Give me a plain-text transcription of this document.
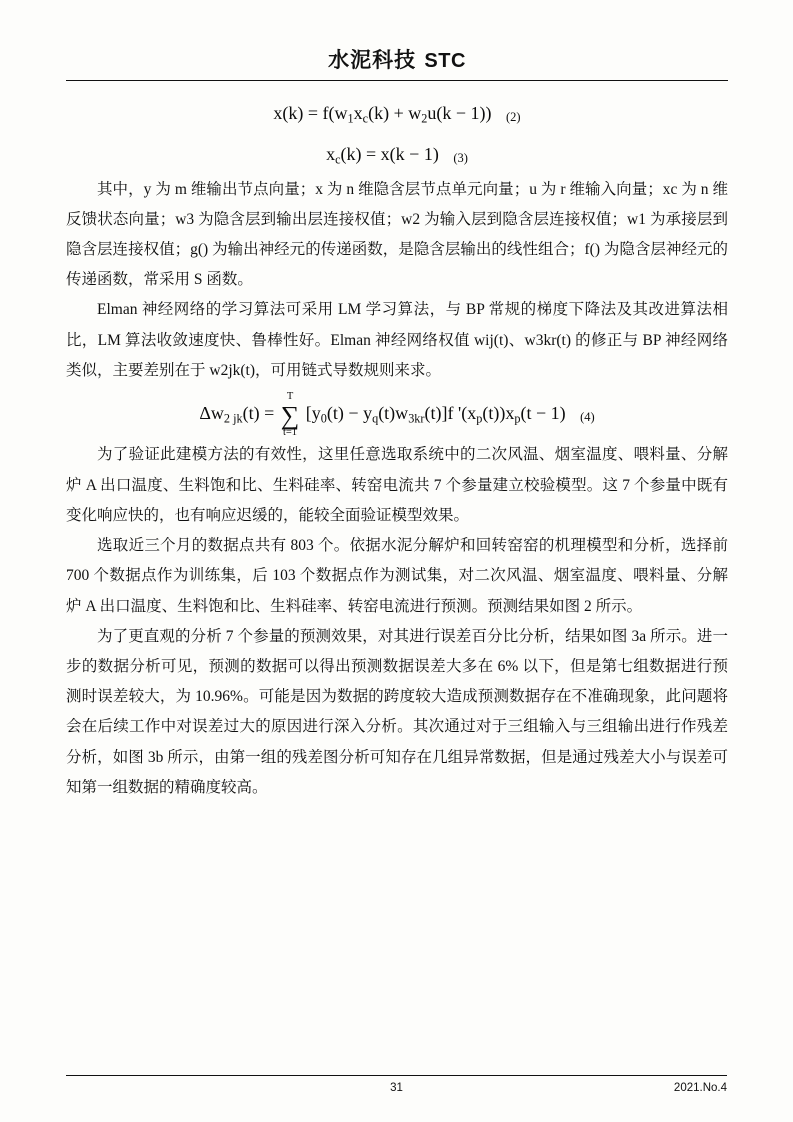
水泥科技 STC
$x(k) = f(w_1x_c(k) + w_2u(k - 1))$ (2)
$x_c(k) = x(k - 1)$ (3)

其中，y 为 m 维输出节点向量；x 为 n 维隐含层节点单元向量；u 为 r 维输入向量；xc 为 n 维反馈状态向量；w3 为隐含层到输出层连接权值；w2 为输入层到隐含层连接权值；w1 为承接层到隐含层连接权值；g() 为输出神经元的传递函数，是隐含层输出的线性组合；f() 为隐含层神经元的传递函数，常采用 S 函数。

Elman 神经网络的学习算法可采用 LM 学习算法，与 BP 常规的梯度下降法及其改进算法相比，LM 算法收敛速度快、鲁棒性好。Elman 神经网络权值 wij(t)、w3kr(t) 的修正与 BP 神经网络类似，主要差别在于 w2jk(t)，可用链式导数规则来求。

$\Delta w_{2 jk}(t)$ =
T
∑
t=1
$[y_0(t) - y_q(t)w_{3kr}(t)]f$ '$(x_p(t))x_p(t - 1)$ (4)

为了验证此建模方法的有效性，这里任意选取系统中的二次风温、烟室温度、喂料量、分解炉 A 出口温度、生料饱和比、生料硅率、转窑电流共 7 个参量建立校验模型。这 7 个参量中既有变化响应快的，也有响应迟缓的，能较全面验证模型效果。

选取近三个月的数据点共有 803 个。依据水泥分解炉和回转窑窑的机理模型和分析，选择前 700 个数据点作为训练集，后 103 个数据点作为测试集，对二次风温、烟室温度、喂料量、分解炉 A 出口温度、生料饱和比、生料硅率、转窑电流进行预测。预测结果如图 2 所示。

为了更直观的分析 7 个参量的预测效果，对其进行误差百分比分析，结果如图 3a 所示。进一步的数据分析可见，预测的数据可以得出预测数据误差大多在 6% 以下，但是第七组数据进行预测时误差较大，为 10.96%。可能是因为数据的跨度较大造成预测数据存在不准确现象，此问题将会在后续工作中对误差过大的原因进行深入分析。其次通过对于三组输入与三组输出进行作残差分析，如图 3b 所示，由第一组的残差图分析可知存在几组异常数据，但是通过残差大小与误差可知第一组数据的精确度较高。

31	2021.No.4
